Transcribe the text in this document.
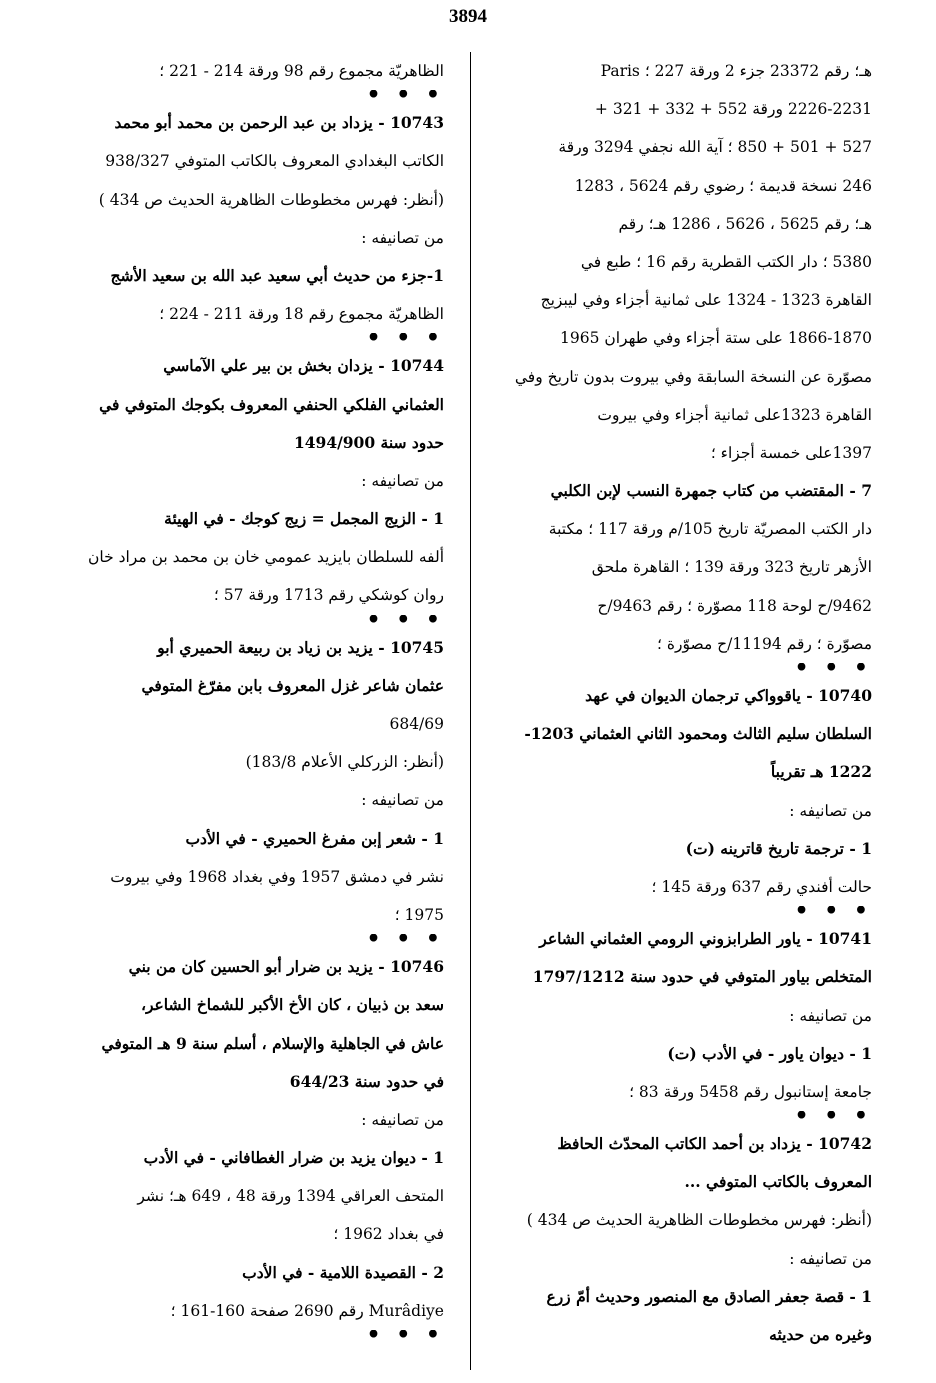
3894
هـ؛ رقم 23372 جزء 2 ورقة 227 ؛ Paris
2226-2231 ورقة 552 + 332 + 321 +
527 + 501 + 850 ؛ آية الله نجفي 3294 ورقة
246 نسخة قديمة ؛ رضوي رقم 5624 ، 1283
هـ؛ رقم 5625 ، 5626 ، 1286 هـ؛ رقم
5380 ؛ دار الكتب القطرية رقم 16 ؛ طبع في
القاهرة 1323 - 1324 على ثمانية أجزاء وفي ليبزيج
1866-1870 على ستة أجزاء وفي طهران 1965
مصوّرة عن النسخة السابقة وفي بيروت بدون تاريخ وفي
القاهرة 1323على ثمانية أجزاء وفي بيروت
1397على خمسة أجزاء ؛
7 - المقتضب من كتاب جمهرة النسب لإبن الكلبي
دار الكتب المصريّة تاريخ 105/م ورقة 117 ؛ مكتبة
الأزهر تاريخ 323 ورقة 139 ؛ القاهرة ملحق
9462/ح لوحة 118 مصوّرة ؛ رقم 9463/ح
مصوّرة ؛ رقم 11194/ح مصوّرة ؛
• • •
10740 - ياقوواكي ترجمان الديوان في عهد
السلطان سليم الثالث ومحمود الثاني العثماني 1203-
1222 هـ تقريباً
من تصانيفه :
1 - ترجمة تاريخ قاترينه (ت)
حالت أفندي رقم 637 ورقة 145 ؛
• • •
10741 - ياور الطرابزوني الرومي العثماني الشاعر
المتخلص بياور المتوفي في حدود سنة 1797/1212
من تصانيفه :
1 - ديوان ياور - في الأدب (ت)
جامعة إستانبول رقم 5458 ورقة 83 ؛
• • •
10742 - يزداد بن أحمد الكاتب المحدّث الحافظ
المعروف بالكاتب المتوفي ...
(أنظر: فهرس مخطوطات الظاهرية الحديث ص 434 )
من تصانيفه :
1 - قصة جعفر الصادق مع المنصور وحديث أمّ زرع
وغيره من حديثه
الظاهريّة مجموع رقم 98 ورقة 214 - 221 ؛
• • •
10743 - يزداد بن عبد الرحمن بن محمد أبو محمد
الكاتب البغدادي المعروف بالكاتب المتوفي 938/327
(أنظر: فهرس مخطوطات الظاهرية الحديث ص 434 )
من تصانيفه :
1-جزء من حديث أبي سعيد عبد الله بن سعيد الأشج
الظاهريّة مجموع رقم 18 ورقة 211 - 224 ؛
• • •
10744 - يزدان بخش بن بير علي الآماسي
العثماني الفلكي الحنفي المعروف بكوجك المتوفي في
حدود سنة 1494/900
من تصانيفه :
1 - الزيج المجمل = زيج كوجك - في الهيئة
ألفه للسلطان بايزيد عمومي خان بن محمد بن مراد خان
روان كوشكي رقم 1713 ورقة 57 ؛
• • •
10745 - يزيد بن زياد بن ربيعة الحميري أبو
عثمان شاعر غزل المعروف بابن مفرّغ المتوفي
684/69
(أنظر: الزركلي الأعلام 183/8)
من تصانيفه :
1 - شعر إبن مفرغ الحميري - في الأدب
نشر في دمشق 1957 وفي بغداد 1968 وفي بيروت
1975 ؛
• • •
10746 - يزيد بن ضرار أبو الحسين كان من بني
سعد بن ذبيان ، كان الأخ الأكبر للشماخ الشاعر،
عاش في الجاهلية والإسلام ، أسلم سنة 9 هـ المتوفي
في حدود سنة 644/23
من تصانيفه :
1 - ديوان يزيد بن ضرار الغطافاني - في الأدب
المتحف العراقي 1394 ورقة 48 ، 649 هـ؛ نشر
في بغداد 1962 ؛
2 - القصيدة اللامية - في الأدب
Murâdiye رقم 2690 صفحة 160-161 ؛
• • •
